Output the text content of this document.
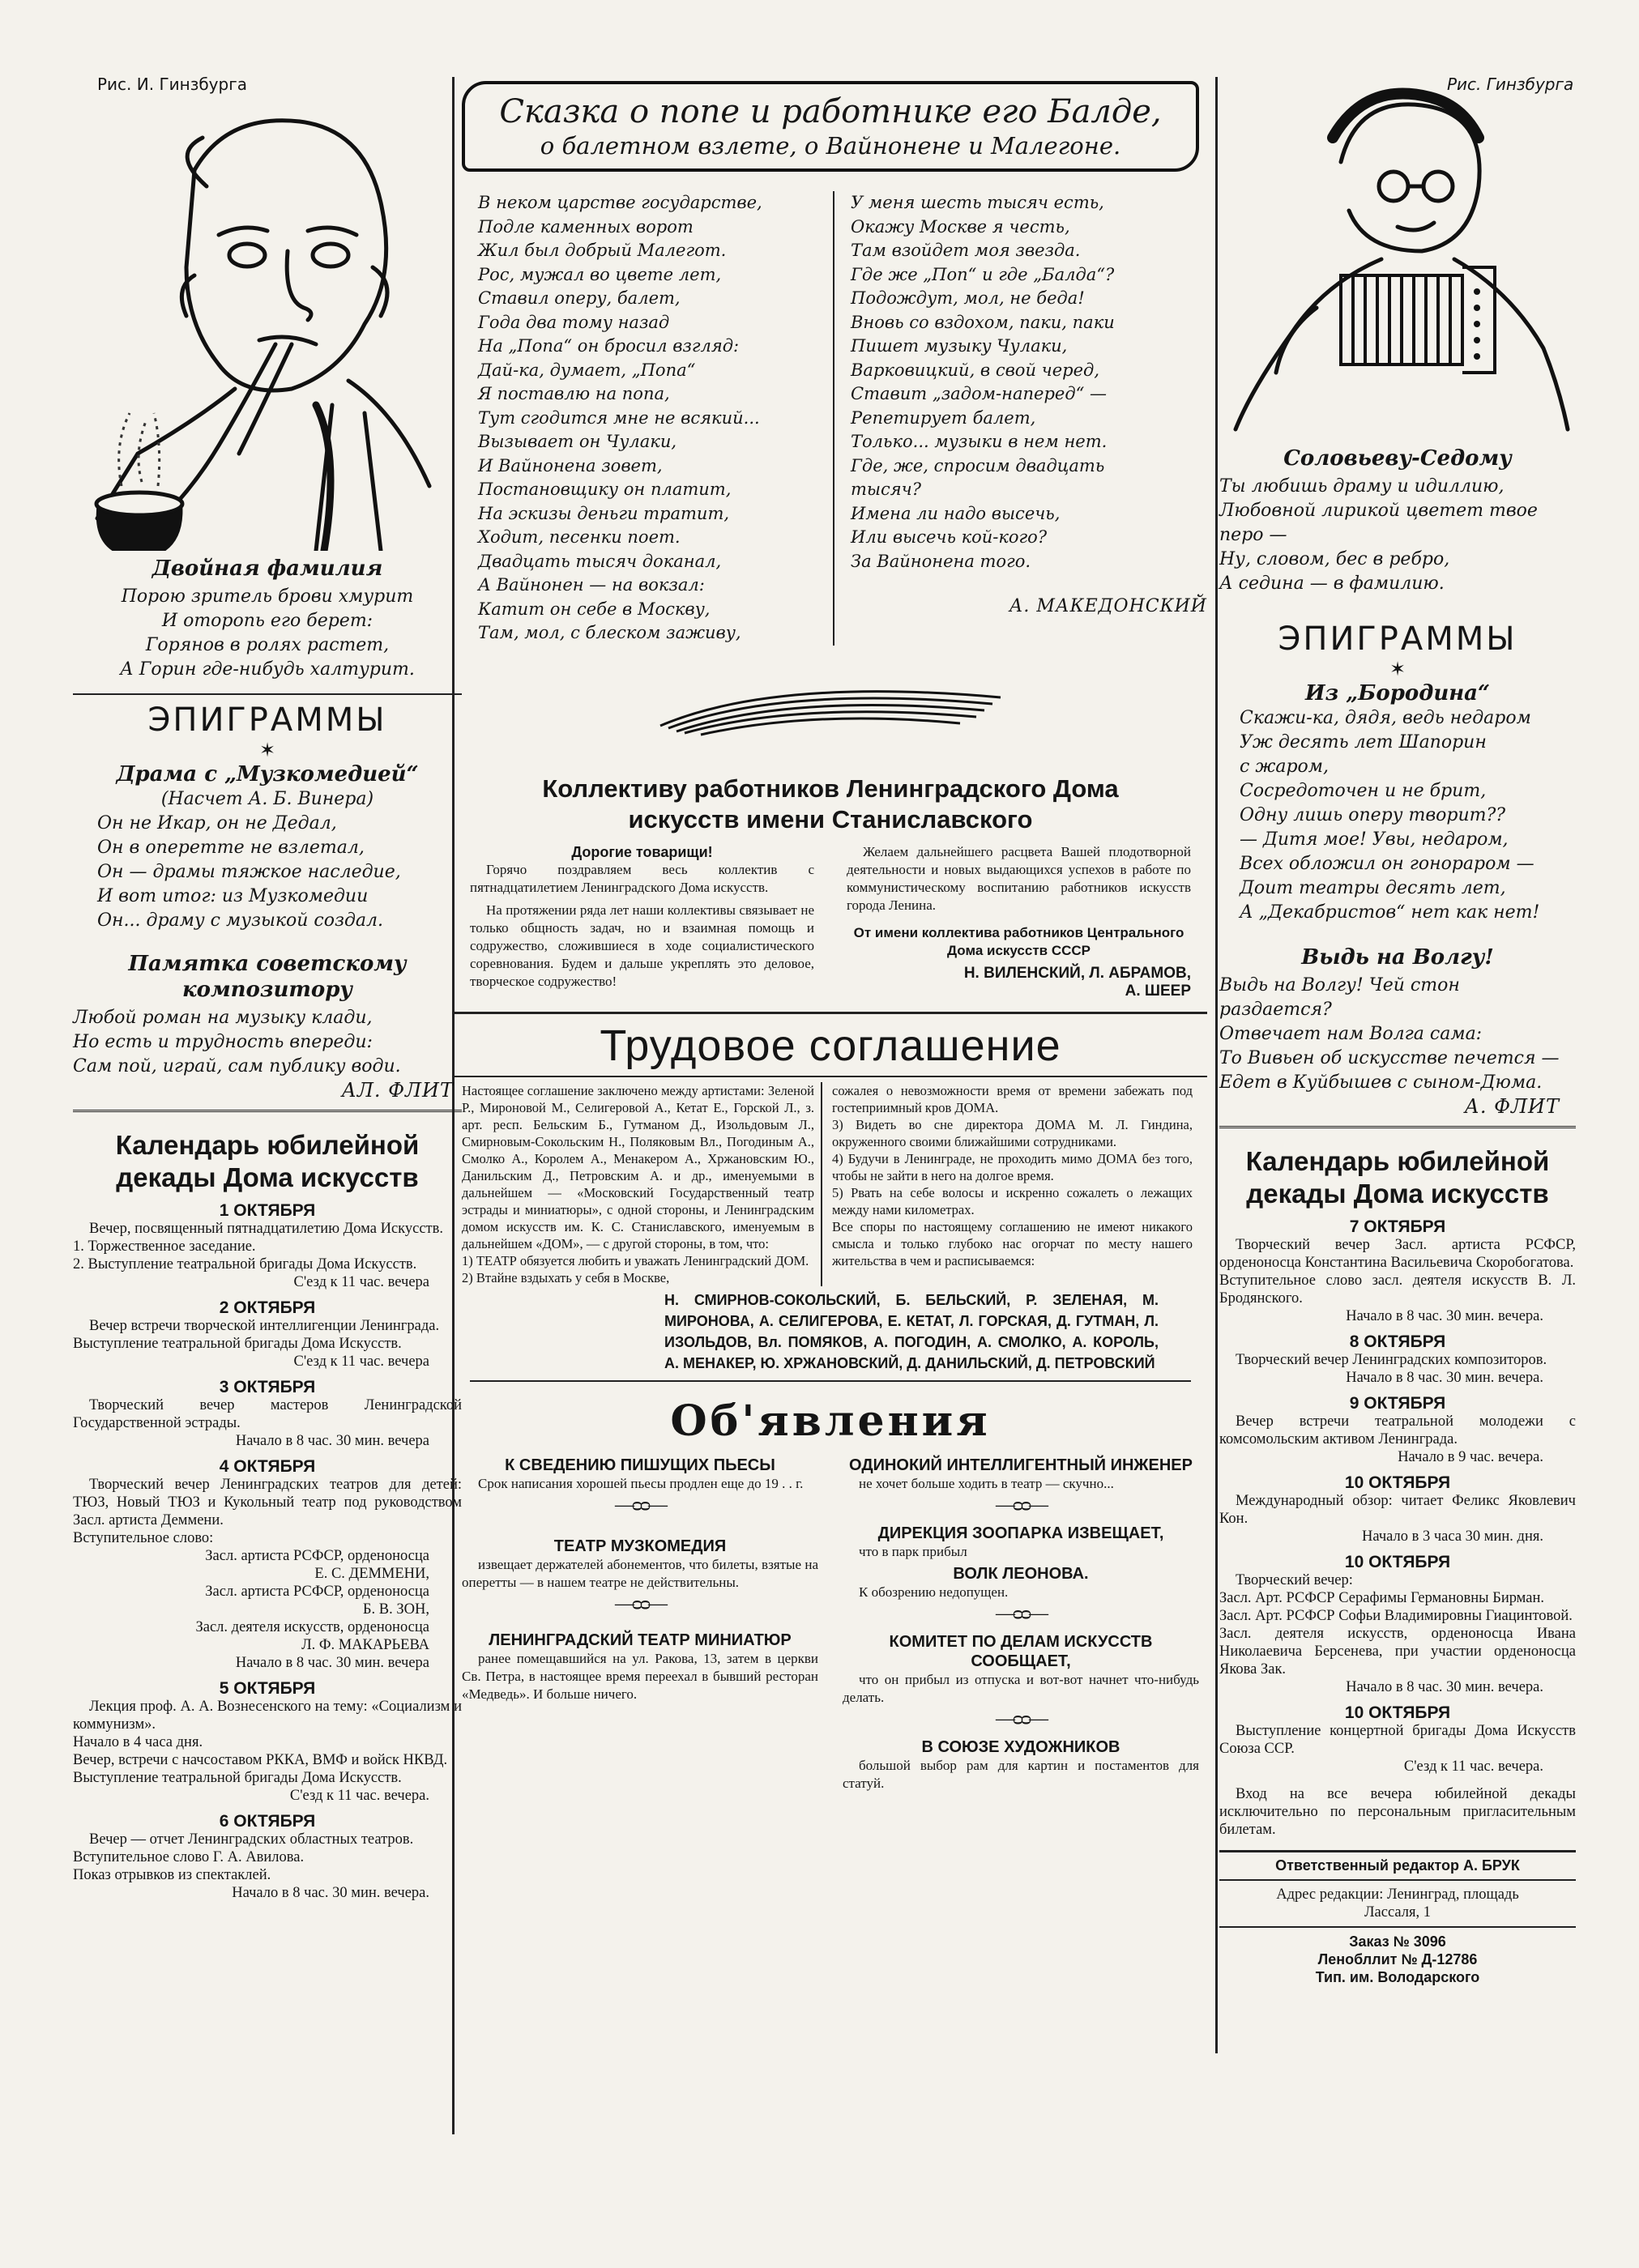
Рис. И. Гинзбурга	Рис. Гинзбурга
Двойная фамилия
Порою зритель брови хмурит
И оторопь его берет:
Горянов в ролях растет,
А Горин где-нибудь халтурит.
ЭПИГРАММЫ
✶
Драма с „Музкомедией“
(Насчет А. Б. Винера)
Он не Икар, он не Дедал,
Он в оперетте не взлетал,
Он — драмы тяжкое наследие,
И вот итог: из Музкомедии
Он... драму с музыкой создал.
Памятка советскому композитору
Любой роман на музыку клади,
Но есть и трудность впереди:
Сам пой, играй, сам публику води.
АЛ. ФЛИТ
Календарь юбилейной декады Дома искусств
1 ОКТЯБРЯ
Вечер, посвященный пятнадцатилетию Дома Искусств.
1. Торжественное заседание.
2. Выступление театральной бригады Дома Искусств.
С'езд к 11 час. вечера
2 ОКТЯБРЯ
Вечер встречи творческой интеллигенции Ленинграда.
Выступление театральной бригады Дома Искусств.
С'езд к 11 час. вечера
3 ОКТЯБРЯ
Творческий вечер мастеров Ленинградской Государственной эстрады.
Начало в 8 час. 30 мин. вечера
4 ОКТЯБРЯ
Творческий вечер Ленинградских театров для детей: ТЮЗ, Новый ТЮЗ и Кукольный театр под руководством Засл. артиста Деммени.
Вступительное слово:
Засл. артиста РСФСР, орденоносца
Е. С. ДЕММЕНИ,
Засл. артиста РСФСР, орденоносца
Б. В. ЗОН,
Засл. деятеля искусств, орденоносца
Л. Ф. МАКАРЬЕВА
Начало в 8 час. 30 мин. вечера
5 ОКТЯБРЯ
Лекция проф. А. А. Вознесенского на тему: «Социализм и коммунизм».
Начало в 4 часа дня.
Вечер, встречи с начсоставом РККА, ВМФ и войск НКВД.
Выступление театральной бригады Дома Искусств.
С'езд к 11 час. вечера.
6 ОКТЯБРЯ
Вечер — отчет Ленинградских областных театров.
Вступительное слово Г. А. Авилова.
Показ отрывков из спектаклей.
Начало в 8 час. 30 мин. вечера.
Сказка о попе и работнике его Балде,
о балетном взлете, о Вайнонене и Малегоне.
В неком царстве государстве,
Подле каменных ворот
Жил был добрый Малегот.
Рос, мужал во цвете лет,
Ставил оперу, балет,
Года два тому назад
На „Попа“ он бросил взгляд:
Дай-ка, думает, „Попа“
Я поставлю на попа,
Тут сгодится мне не всякий...
Вызывает он Чулаки,
И Вайнонена зовет,
Постановщику он платит,
На эскизы деньги тратит,
Ходит, песенки поет.
Двадцать тысяч доканал,
А Вайнонен — на вокзал:
Катит он себе в Москву,
Там, мол, с блеском заживу,
У меня шесть тысяч есть,
Окажу Москве я честь,
Там взойдет моя звезда.
Где же „Поп“ и где „Балда“?
Подождут, мол, не беда!
Вновь со вздохом, паки, паки
Пишет музыку Чулаки,
Варковицкий, в свой черед,
Ставит „задом-наперед“ —
Репетирует балет,
Только... музыки в нем нет.
Где, же, спросим двадцать
тысяч?
Имена ли надо высечь,
Или высечь кой-кого?
За Вайнонена того.
А. МАКЕДОНСКИЙ
Коллективу работников Ленинградского Дома искусств имени Станиславского
Дорогие товарищи!
Горячо поздравляем весь коллектив с пятнадцатилетием Ленинградского Дома искусств.
На протяжении ряда лет наши коллективы связывает не только общность задач, но и взаимная помощь и содружество, сложившиеся в ходе социалистического соревнования. Будем и дальше укреплять это деловое, творческое содружество!
Желаем дальнейшего расцвета Вашей плодотворной деятельности и новых выдающихся успехов в работе по коммунистическому воспитанию работников искусств города Ленина.
От имени коллектива работников Центрального Дома искусств СССР
Н. ВИЛЕНСКИЙ, Л. АБРАМОВ,
А. ШЕЕР
Трудовое соглашение
Настоящее соглашение заключено между артистами: Зеленой Р., Мироновой М., Селигеровой А., Кетат Е., Горской Л., з. арт. респ. Бельским Б., Гутманом Д., Изольдовым Л., Смирновым-Сокольским Н., Поляковым Вл., Погодиным А., Смолко А., Королем А., Менакером А., Хржановским Ю., Данильским Д., Петровским А. и др., именуемыми в дальнейшем — «Московский Государственный театр эстрады и миниатюры», с одной стороны, и Ленинградским домом искусств им. К. С. Станиславского, именуемым в дальнейшем «ДОМ», — с другой стороны, в том, что:
1) ТЕАТР обязуется любить и уважать Ленинградский ДОМ.
2) Втайне вздыхать у себя в Москве,
сожалея о невозможности время от времени забежать под гостеприимный кров ДОМА.
3) Видеть во сне директора ДОМА М. Л. Гиндина, окруженного своими ближайшими сотрудниками.
4) Будучи в Ленинграде, не проходить мимо ДОМА без того, чтобы не зайти в него на долгое время.
5) Рвать на себе волосы и искренно сожалеть о лежащих между нами километрах.
Все споры по настоящему соглашению не имеют никакого смысла и только глубоко нас огорчат по месту нашего жительства в чем и расписываемся:
Н. СМИРНОВ-СОКОЛЬСКИЙ, Б. БЕЛЬСКИЙ, Р. ЗЕЛЕНАЯ, М. МИРОНОВА, А. СЕЛИГЕРОВА, Е. КЕТАТ, Л. ГОРСКАЯ, Д. ГУТМАН, Л. ИЗОЛЬДОВ, Вл. ПОМЯКОВ, А. ПОГОДИН, А. СМОЛКО, А. КОРОЛЬ, А. МЕНАКЕР, Ю. ХРЖАНОВСКИЙ, Д. ДАНИЛЬСКИЙ, Д. ПЕТРОВСКИЙ
Об'явления
К СВЕДЕНИЮ ПИШУЩИХ ПЬЕСЫ
Срок написания хорошей пьесы продлен еще до 19 . . г.
—ᴑᴑ—
ТЕАТР МУЗКОМЕДИЯ
извещает держателей абонементов, что билеты, взятые на оперетты — в нашем театре не действительны.
—ᴑᴑ—
ЛЕНИНГРАДСКИЙ ТЕАТР МИНИАТЮР
ранее помещавшийся на ул. Ракова, 13, затем в церкви Св. Петра, в настоящее время переехал в бывший ресторан «Медведь». И больше ничего.
ОДИНОКИЙ ИНТЕЛЛИГЕНТНЫЙ ИНЖЕНЕР
не хочет больше ходить в театр — скучно...
—ᴑᴑ—
ДИРЕКЦИЯ ЗООПАРКА ИЗВЕЩАЕТ,
что в парк прибыл
ВОЛК ЛЕОНОВА.
К обозрению недопущен.
—ᴑᴑ—
КОМИТЕТ ПО ДЕЛАМ ИСКУССТВ СООБЩАЕТ,
что он прибыл из отпуска и вот-вот начнет что-нибудь делать.
—ᴑᴑ—
В СОЮЗЕ ХУДОЖНИКОВ
большой выбор рам для картин и постаментов для статуй.
Соловьеву-Седому
Ты любишь драму и идиллию,
Любовной лирикой цветет твое
перо —
Ну, словом, бес в ребро,
А седина — в фамилию.
ЭПИГРАММЫ
✶
Из „Бородина“
Скажи-ка, дядя, ведь недаром
Уж десять лет Шапорин
с жаром,
Сосредоточен и не брит,
Одну лишь оперу творит??
— Дитя мое! Увы, недаром,
Всех обложил он гонораром —
Доит театры десять лет,
А „Декабристов“ нет как нет!
Выдь на Волгу!
Выдь на Волгу! Чей стон
раздается?
Отвечает нам Волга сама:
То Вивьен об искусстве печется —
Едет в Куйбышев с сыном-Дюма.
А. ФЛИТ
Календарь юбилейной декады Дома искусств
7 ОКТЯБРЯ
Творческий вечер Засл. артиста РСФСР, орденоносца Константина Васильевича Скоробогатова.
Вступительное слово засл. деятеля искусств В. Л. Бродянского.
Начало в 8 час. 30 мин. вечера.
8 ОКТЯБРЯ
Творческий вечер Ленинградских композиторов.
Начало в 8 час. 30 мин. вечера.
9 ОКТЯБРЯ
Вечер встречи театральной молодежи с комсомольским активом Ленинграда.
Начало в 9 час. вечера.
10 ОКТЯБРЯ
Международный обзор: читает Феликс Яковлевич Кон.
Начало в 3 часа 30 мин. дня.
10 ОКТЯБРЯ
Творческий вечер:
Засл. Арт. РСФСР Серафимы Германовны Бирман.
Засл. Арт. РСФСР Софьи Владимировны Гиацинтовой.
Засл. деятеля искусств, орденоносца Ивана Николаевича Берсенева, при участии орденоносца Якова Зак.
Начало в 8 час. 30 мин. вечера.
10 ОКТЯБРЯ
Выступление концертной бригады Дома Искусств Союза ССР.
С'езд к 11 час. вечера.
Вход на все вечера юбилейной декады исключительно по персональным пригласительным билетам.
Ответственный редактор А. БРУК
Адрес редакции: Ленинград, площадь Лассаля, 1
Заказ № 3096
Ленобллит № Д-12786
Тип. им. Володарского
